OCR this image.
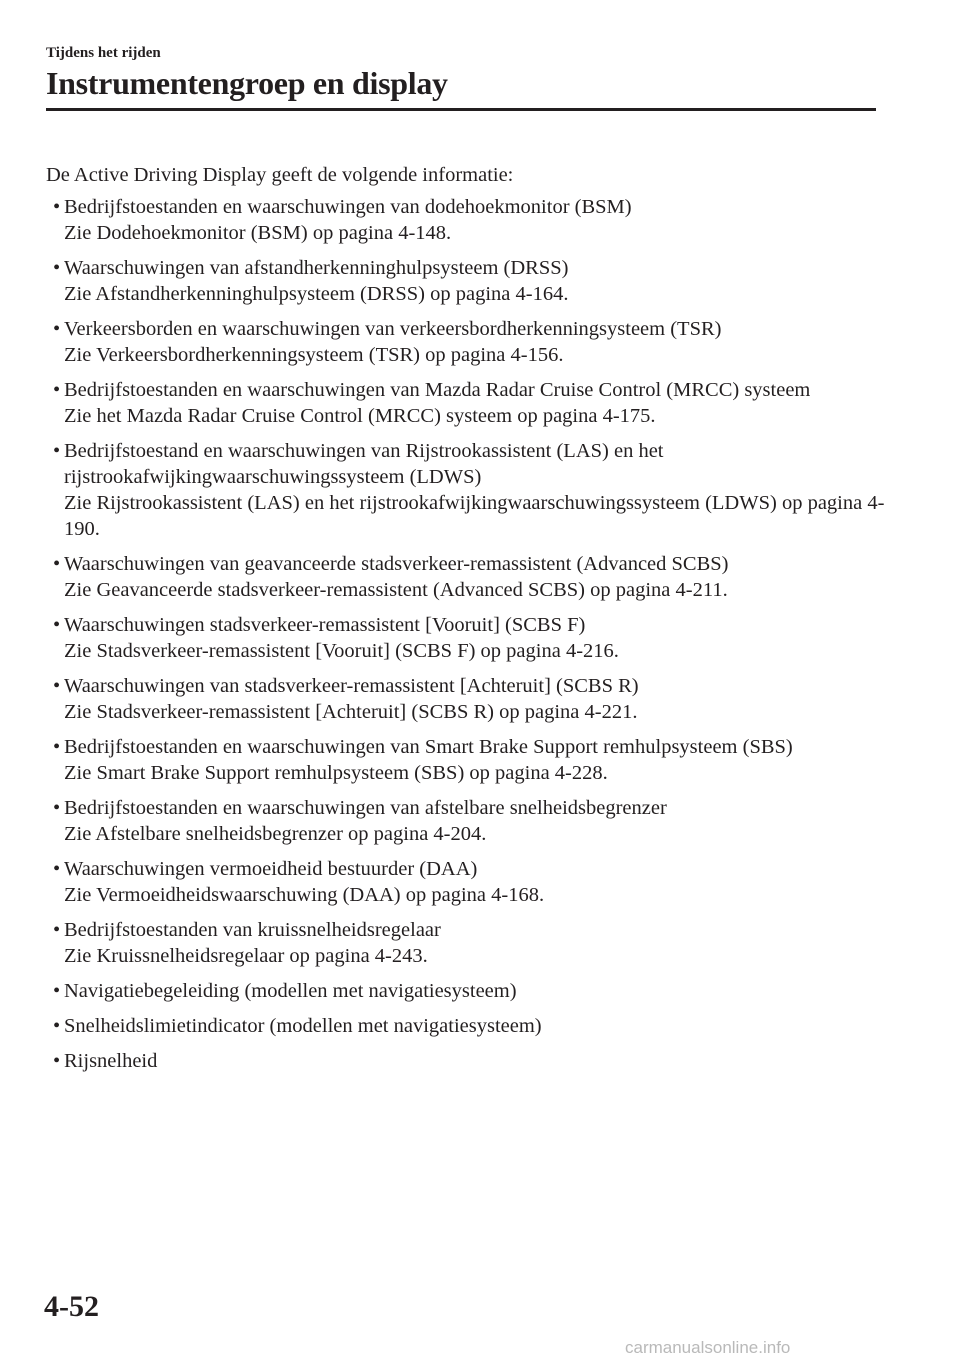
Tijdens het rijden
Instrumentengroep en display

De Active Driving Display geeft de volgende informatie:

• Bedrijfstoestanden en waarschuwingen van dodehoekmonitor (BSM)
Zie Dodehoekmonitor (BSM) op pagina 4-148.
• Waarschuwingen van afstandherkenninghulpsysteem (DRSS)
Zie Afstandherkenninghulpsysteem (DRSS) op pagina 4-164.
• Verkeersborden en waarschuwingen van verkeersbordherkenningsysteem (TSR)
Zie Verkeersbordherkenningsysteem (TSR) op pagina 4-156.
• Bedrijfstoestanden en waarschuwingen van Mazda Radar Cruise Control (MRCC) systeem
Zie het Mazda Radar Cruise Control (MRCC) systeem op pagina 4-175.
• Bedrijfstoestand en waarschuwingen van Rijstrookassistent (LAS) en het rijstrookafwijkingwaarschuwingssysteem (LDWS)
Zie Rijstrookassistent (LAS) en het rijstrookafwijkingwaarschuwingssysteem (LDWS) op pagina 4-190.
• Waarschuwingen van geavanceerde stadsverkeer-remassistent (Advanced SCBS)
Zie Geavanceerde stadsverkeer-remassistent (Advanced SCBS) op pagina 4-211.
• Waarschuwingen stadsverkeer-remassistent [Vooruit] (SCBS F)
Zie Stadsverkeer-remassistent [Vooruit] (SCBS F) op pagina 4-216.
• Waarschuwingen van stadsverkeer-remassistent [Achteruit] (SCBS R)
Zie Stadsverkeer-remassistent [Achteruit] (SCBS R) op pagina 4-221.
• Bedrijfstoestanden en waarschuwingen van Smart Brake Support remhulpsysteem (SBS)
Zie Smart Brake Support remhulpsysteem (SBS) op pagina 4-228.
• Bedrijfstoestanden en waarschuwingen van afstelbare snelheidsbegrenzer
Zie Afstelbare snelheidsbegrenzer op pagina 4-204.
• Waarschuwingen vermoeidheid bestuurder (DAA)
Zie Vermoeidheidswaarschuwing (DAA) op pagina 4-168.
• Bedrijfstoestanden van kruissnelheidsregelaar
Zie Kruissnelheidsregelaar op pagina 4-243.
• Navigatiebegeleiding (modellen met navigatiesysteem)
• Snelheidslimietindicator (modellen met navigatiesysteem)
• Rijsnelheid
4-52
carmanualsonline.info
